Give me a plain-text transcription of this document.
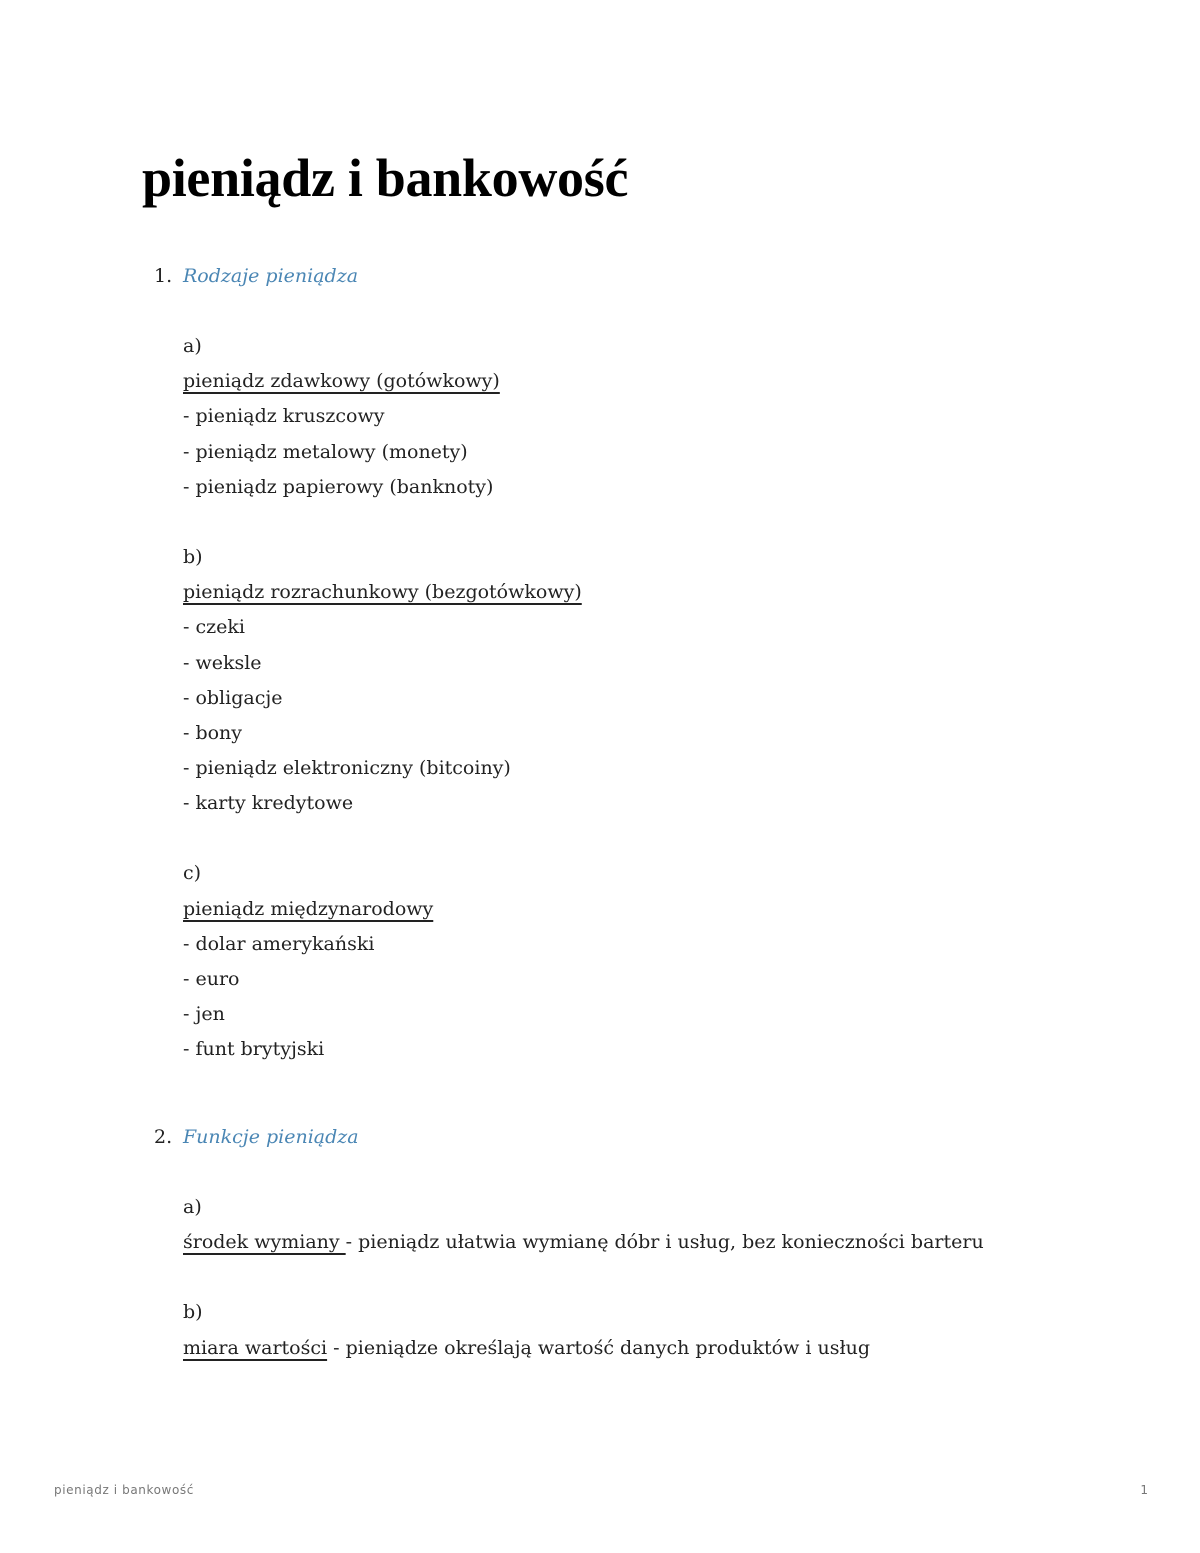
pieniądz i bankowość
1. Rodzaje pieniądza
a)
pieniądz zdawkowy (gotówkowy)
- pieniądz kruszcowy
- pieniądz metalowy (monety)
- pieniądz papierowy (banknoty)
b)
pieniądz rozrachunkowy (bezgotówkowy)
- czeki
- weksle
- obligacje
- bony
- pieniądz elektroniczny (bitcoiny)
- karty kredytowe
c)
pieniądz międzynarodowy
- dolar amerykański
- euro
- jen
- funt brytyjski
2. Funkcje pieniądza
a)
środek wymiany - pieniądz ułatwia wymianę dóbr i usług, bez konieczności barteru
b)
miara wartości - pieniądze określają wartość danych produktów i usług
pieniądz i bankowość	1
